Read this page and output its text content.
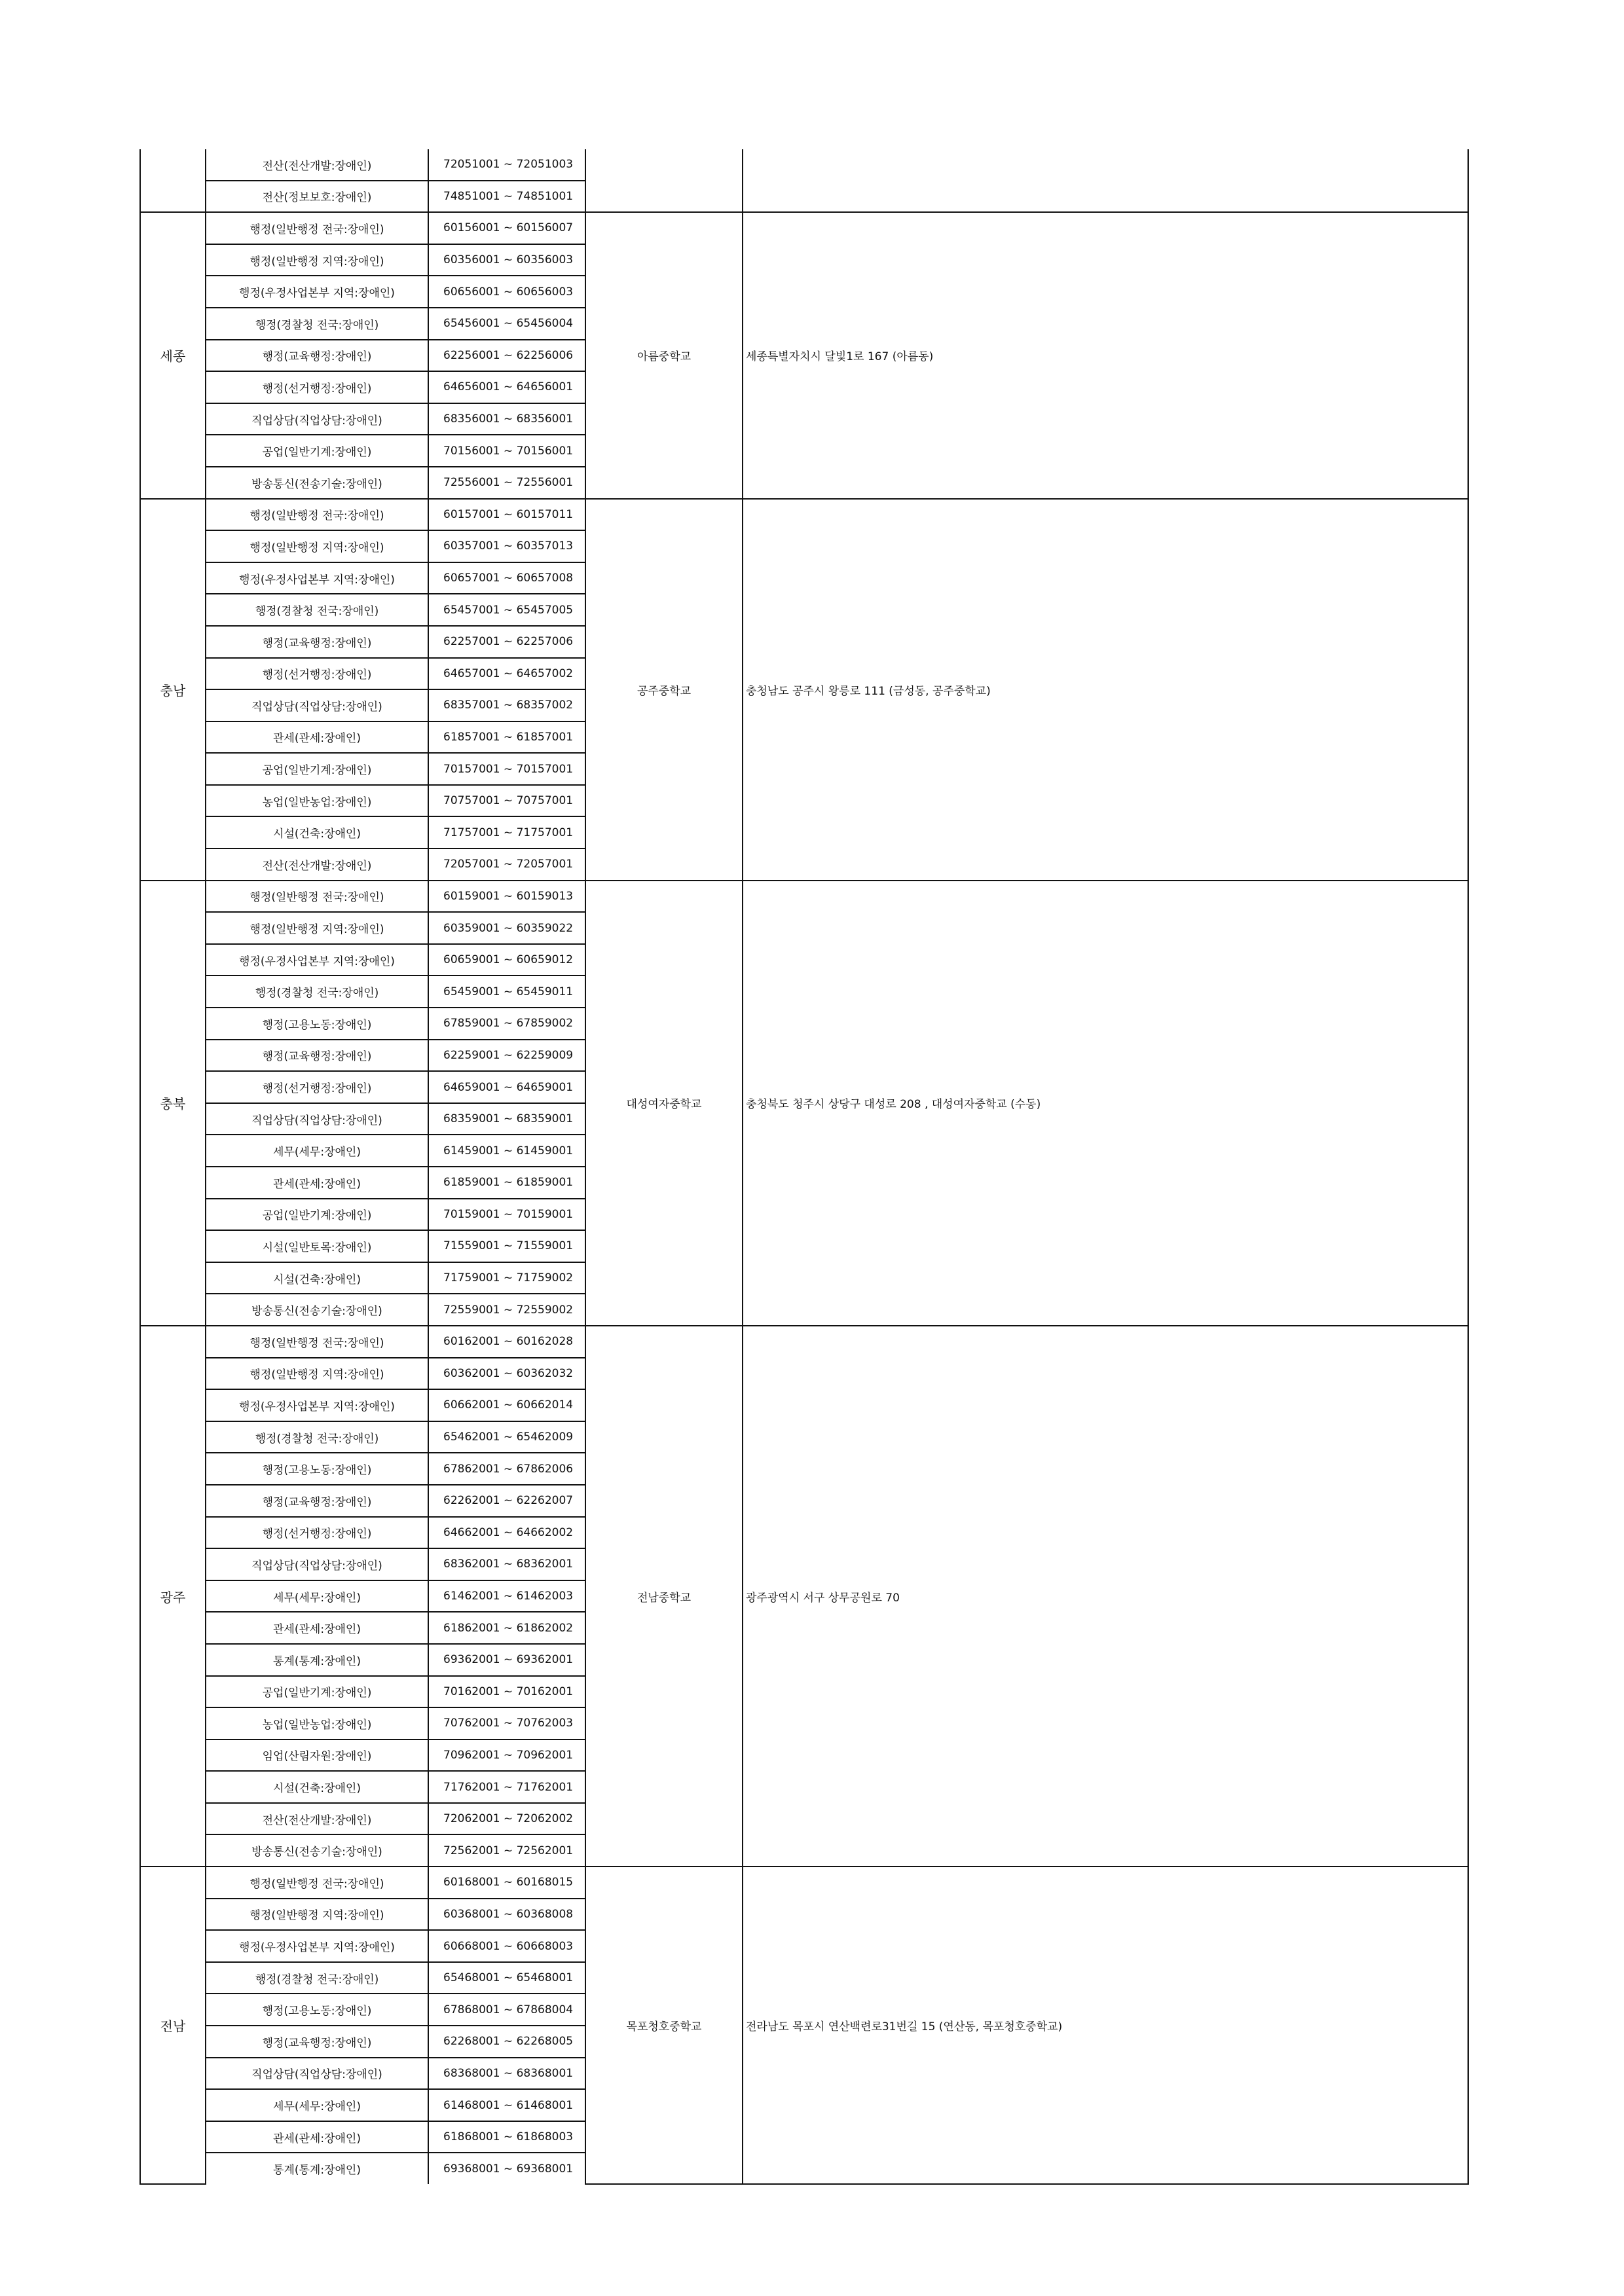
	전산(전산개발:장애인)	72051001 ~ 72051003		
	전산(정보보호:장애인)	74851001 ~ 74851001		
세종	행정(일반행정 전국:장애인)	60156001 ~ 60156007	아름중학교	세종특별자치시 달빛1로 167 (아름동)
	행정(일반행정 지역:장애인)	60356001 ~ 60356003		
	행정(우정사업본부 지역:장애인)	60656001 ~ 60656003		
	행정(경찰청 전국:장애인)	65456001 ~ 65456004		
	행정(교육행정:장애인)	62256001 ~ 62256006		
	행정(선거행정:장애인)	64656001 ~ 64656001		
	직업상담(직업상담:장애인)	68356001 ~ 68356001		
	공업(일반기계:장애인)	70156001 ~ 70156001		
	방송통신(전송기술:장애인)	72556001 ~ 72556001		
충남	행정(일반행정 전국:장애인)	60157001 ~ 60157011	공주중학교	충청남도 공주시 왕릉로 111 (금성동, 공주중학교)
	행정(일반행정 지역:장애인)	60357001 ~ 60357013		
	행정(우정사업본부 지역:장애인)	60657001 ~ 60657008		
	행정(경찰청 전국:장애인)	65457001 ~ 65457005		
	행정(교육행정:장애인)	62257001 ~ 62257006		
	행정(선거행정:장애인)	64657001 ~ 64657002		
	직업상담(직업상담:장애인)	68357001 ~ 68357002		
	관세(관세:장애인)	61857001 ~ 61857001		
	공업(일반기계:장애인)	70157001 ~ 70157001		
	농업(일반농업:장애인)	70757001 ~ 70757001		
	시설(건축:장애인)	71757001 ~ 71757001		
	전산(전산개발:장애인)	72057001 ~ 72057001		
충북	행정(일반행정 전국:장애인)	60159001 ~ 60159013	대성여자중학교	충청북도 청주시 상당구 대성로 208 , 대성여자중학교 (수동)
	행정(일반행정 지역:장애인)	60359001 ~ 60359022		
	행정(우정사업본부 지역:장애인)	60659001 ~ 60659012		
	행정(경찰청 전국:장애인)	65459001 ~ 65459011		
	행정(고용노동:장애인)	67859001 ~ 67859002		
	행정(교육행정:장애인)	62259001 ~ 62259009		
	행정(선거행정:장애인)	64659001 ~ 64659001		
	직업상담(직업상담:장애인)	68359001 ~ 68359001		
	세무(세무:장애인)	61459001 ~ 61459001		
	관세(관세:장애인)	61859001 ~ 61859001		
	공업(일반기계:장애인)	70159001 ~ 70159001		
	시설(일반토목:장애인)	71559001 ~ 71559001		
	시설(건축:장애인)	71759001 ~ 71759002		
	방송통신(전송기술:장애인)	72559001 ~ 72559002		
광주	행정(일반행정 전국:장애인)	60162001 ~ 60162028	전남중학교	광주광역시 서구 상무공원로 70
	행정(일반행정 지역:장애인)	60362001 ~ 60362032		
	행정(우정사업본부 지역:장애인)	60662001 ~ 60662014		
	행정(경찰청 전국:장애인)	65462001 ~ 65462009		
	행정(고용노동:장애인)	67862001 ~ 67862006		
	행정(교육행정:장애인)	62262001 ~ 62262007		
	행정(선거행정:장애인)	64662001 ~ 64662002		
	직업상담(직업상담:장애인)	68362001 ~ 68362001		
	세무(세무:장애인)	61462001 ~ 61462003		
	관세(관세:장애인)	61862001 ~ 61862002		
	통계(통계:장애인)	69362001 ~ 69362001		
	공업(일반기계:장애인)	70162001 ~ 70162001		
	농업(일반농업:장애인)	70762001 ~ 70762003		
	임업(산림자원:장애인)	70962001 ~ 70962001		
	시설(건축:장애인)	71762001 ~ 71762001		
	전산(전산개발:장애인)	72062001 ~ 72062002		
	방송통신(전송기술:장애인)	72562001 ~ 72562001		
전남	행정(일반행정 전국:장애인)	60168001 ~ 60168015	목포청호중학교	전라남도 목포시 연산백련로31번길 15 (연산동, 목포청호중학교)
	행정(일반행정 지역:장애인)	60368001 ~ 60368008		
	행정(우정사업본부 지역:장애인)	60668001 ~ 60668003		
	행정(경찰청 전국:장애인)	65468001 ~ 65468001		
	행정(고용노동:장애인)	67868001 ~ 67868004		
	행정(교육행정:장애인)	62268001 ~ 62268005		
	직업상담(직업상담:장애인)	68368001 ~ 68368001		
	세무(세무:장애인)	61468001 ~ 61468001		
	관세(관세:장애인)	61868001 ~ 61868003		
	통계(통계:장애인)	69368001 ~ 69368001		
